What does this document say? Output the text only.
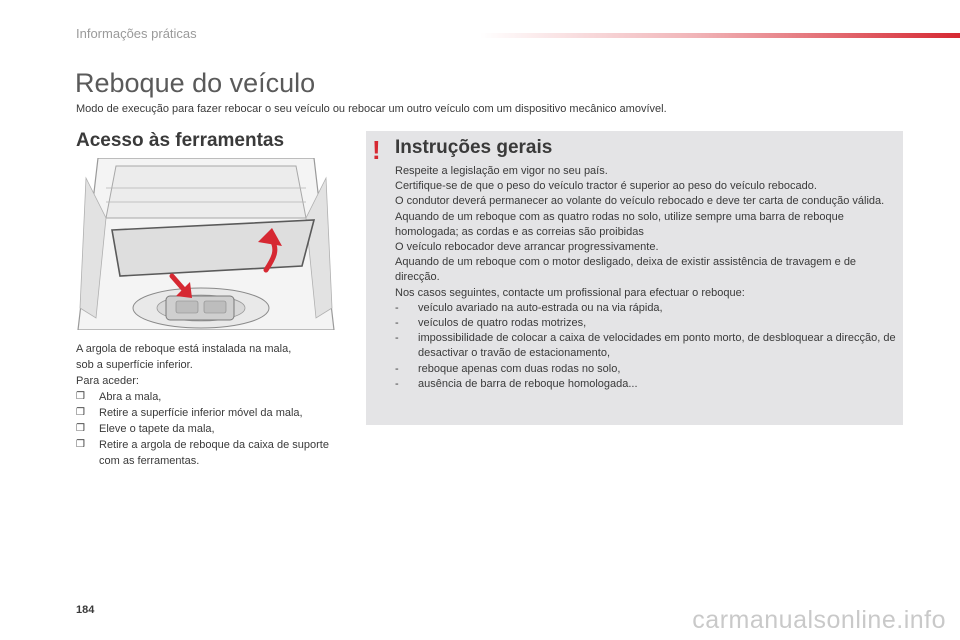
Informações práticas
Reboque do veículo
Modo de execução para fazer rebocar o seu veículo ou rebocar um outro veículo com um dispositivo mecânico amovível.
Acesso às ferramentas

A argola de reboque está instalada na mala,

sob a superfície inferior.

Para aceder:

❒ Abra a mala,
❒ Retire a superfície inferior móvel da mala,
❒ Eleve o tapete da mala,
❒ Retire a argola de reboque da caixa de suporte com as ferramentas.
! Instruções gerais

Respeite a legislação em vigor no seu país.

Certifique-se de que o peso do veículo tractor é superior ao peso do veículo rebocado.

O condutor deverá permanecer ao volante do veículo rebocado e deve ter carta de condução válida.

Aquando de um reboque com as quatro rodas no solo, utilize sempre uma barra de reboque homologada; as cordas e as correias são proibidas

O veículo rebocador deve arrancar progressivamente.

Aquando de um reboque com o motor desligado, deixa de existir assistência de travagem e de direcção.

Nos casos seguintes, contacte um profissional para efectuar o reboque:

- veículo avariado na auto-estrada ou na via rápida,
- veículos de quatro rodas motrizes,
- impossibilidade de colocar a caixa de velocidades em ponto morto, de desbloquear a direcção, de desactivar o travão de estacionamento,
- reboque apenas com duas rodas no solo,
- ausência de barra de reboque homologada...
184	carmanualsonline.info
